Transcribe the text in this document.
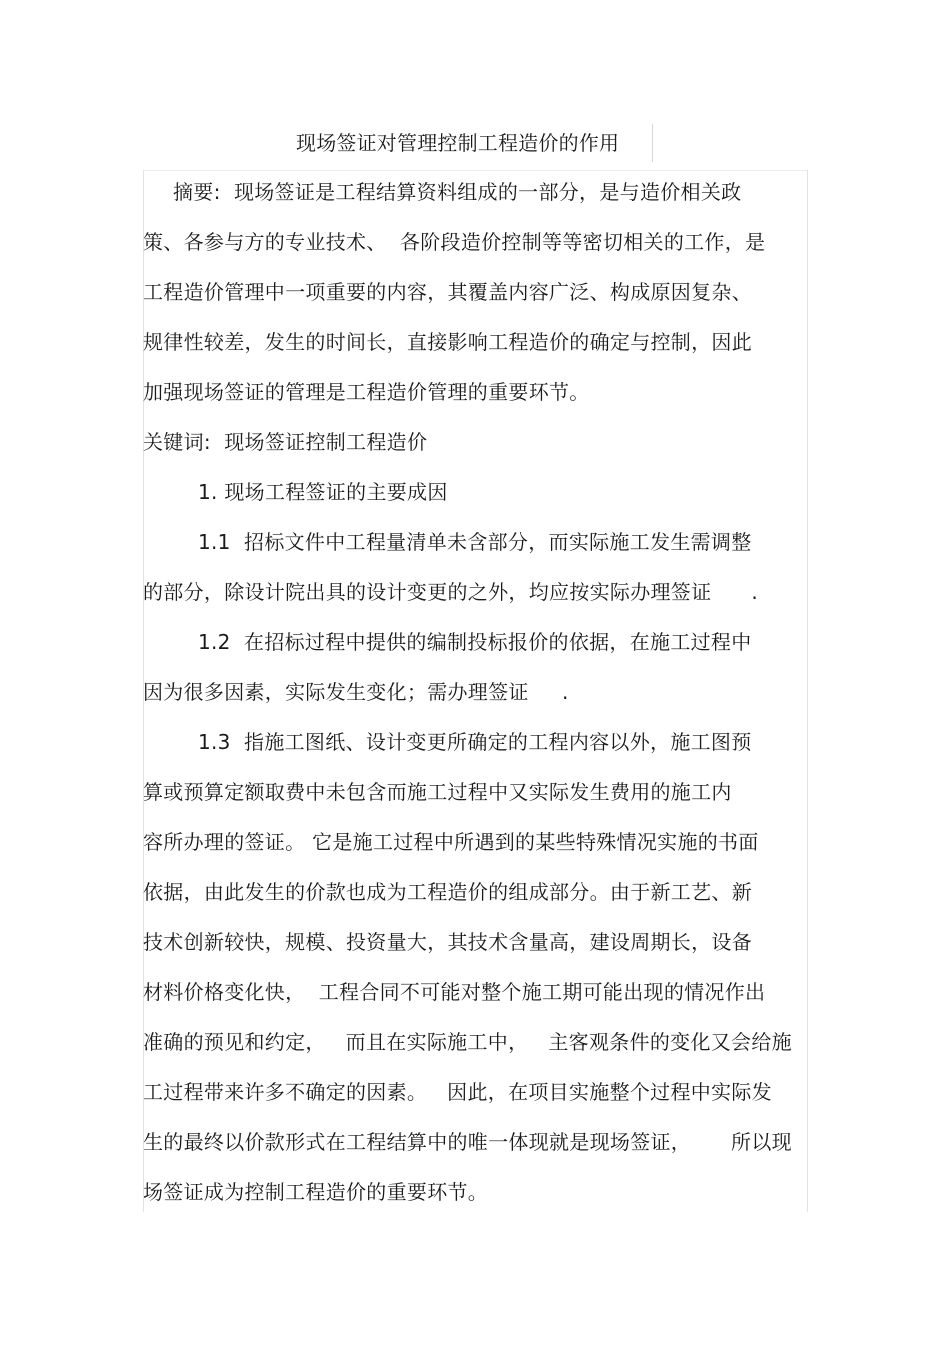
现场签证对管理控制工程造价的作用
摘要:  现场签证是工程结算资料组成的一部分，是与造价相关政
策、各参与方的专业技术、  各阶段造价控制等等密切相关的工作，是
工程造价管理中一项重要的内容，其覆盖内容广泛、构成原因复杂、
规律性较差，发生的时间长，直接影响工程造价的确定与控制，因此
加强现场签证的管理是工程造价管理的重要环节。
关键词:  现场签证控制工程造价
1. 现场工程签证的主要成因
1.1  招标文件中工程量清单未含部分，而实际施工发生需调整
的部分，除设计院出具的设计变更的之外，均应按实际办理签证      .
1.2  在招标过程中提供的编制投标报价的依据，在施工过程中
因为很多因素，实际发生变化；需办理签证     .
1.3  指施工图纸、设计变更所确定的工程内容以外，施工图预
算或预算定额取费中未包含而施工过程中又实际发生费用的施工内
容所办理的签证。 它是施工过程中所遇到的某些特殊情况实施的书面
依据，由此发生的价款也成为工程造价的组成部分。由于新工艺、新
技术创新较快，规模、投资量大，其技术含量高，建设周期长，设备
材料价格变化快，  工程合同不可能对整个施工期可能出现的情况作出
准确的预见和约定，   而且在实际施工中，   主客观条件的变化又会给施
工过程带来许多不确定的因素。   因此，在项目实施整个过程中实际发
生的最终以价款形式在工程结算中的唯一体现就是现场签证，      所以现
场签证成为控制工程造价的重要环节。
